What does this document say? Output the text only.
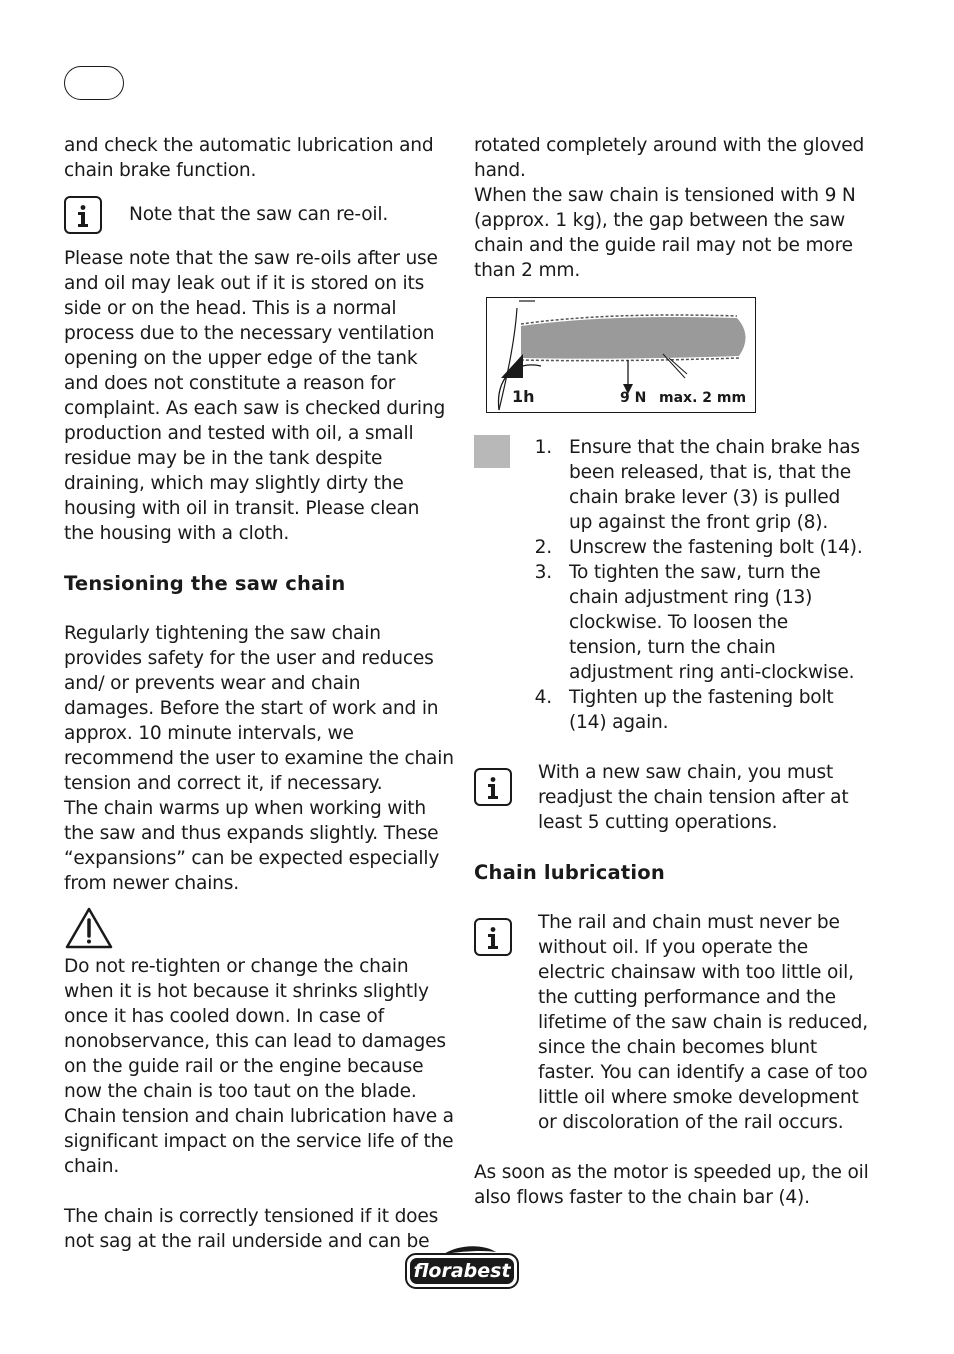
and check the automatic lubrication and chain brake function.

Note that the saw can re-oil.

Please note that the saw re-oils after use and oil may leak out if it is stored on its side or on the head. This is a normal process due to the necessary ventilation opening on the upper edge of the tank and does not constitute a reason for complaint. As each saw is checked during production and tested with oil, a small residue may be in the tank despite draining, which may slightly dirty the housing with oil in transit. Please clean the housing with a cloth.

Tensioning the saw chain

Regularly tightening the saw chain provides safety for the user and reduces and/ or prevents wear and chain damages. Before the start of work and in approx. 10 minute intervals, we recommend the user to examine the chain tension and correct it, if necessary.

The chain warms up when working with the saw and thus expands slightly. These “expansions” can be expected especially from newer chains.

Do not re-tighten or change the chain when it is hot because it shrinks slightly once it has cooled down. In case of nonobservance, this can lead to damages on the guide rail or the engine because now the chain is too taut on the blade.

Chain tension and chain lubrication have a significant impact on the service life of the chain.

The chain is correctly tensioned if it does not sag at the rail underside and can be

rotated completely around with the gloved hand.

When the saw chain is tensioned with 9 N (approx. 1 kg), the gap between the saw chain and the guide rail may not be more than 2 mm.

1h	9 N max. 2 mm
1. Ensure that the chain brake has been released, that is, that the chain brake lever (3) is pulled up against the front grip (8).
2. Unscrew the fastening bolt (14).
3. To tighten the saw, turn the chain adjustment ring (13) clockwise. To loosen the tension, turn the chain adjustment ring anti-clockwise.
4. Tighten up the fastening bolt (14) again.

With a new saw chain, you must readjust the chain tension after at least 5 cutting operations.

Chain lubrication

The rail and chain must never be without oil. If you operate the electric chainsaw with too little oil, the cutting performance and the lifetime of the saw chain is reduced, since the chain becomes blunt faster. You can identify a case of too little oil where smoke development or discoloration of the rail occurs.

As soon as the motor is speeded up, the oil also flows faster to the chain bar (4).

florabest
